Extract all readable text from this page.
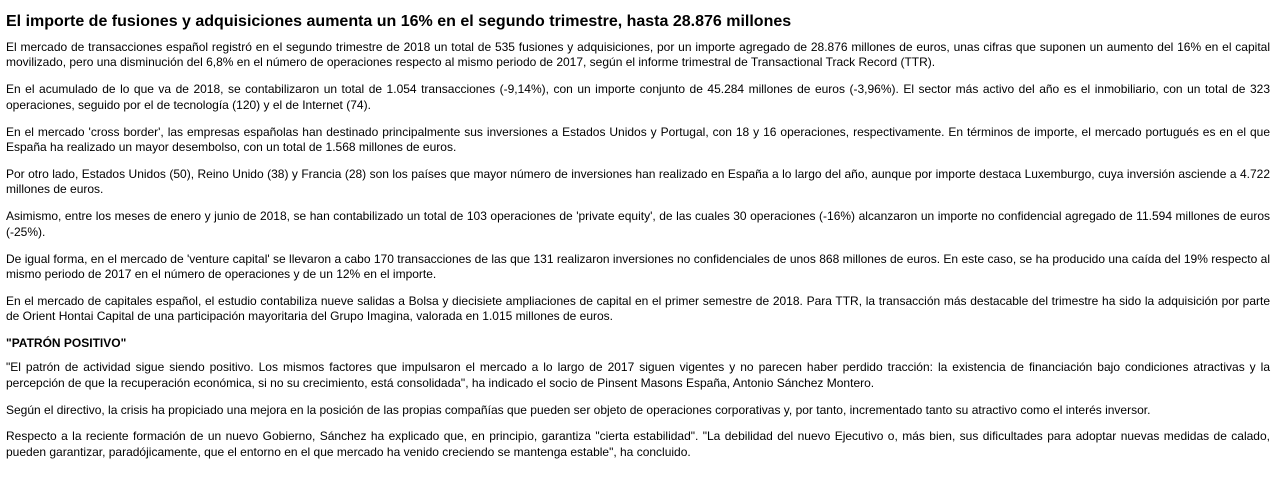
El importe de fusiones y adquisiciones aumenta un 16% en el segundo trimestre, hasta 28.876 millones

El mercado de transacciones español registró en el segundo trimestre de 2018 un total de 535 fusiones y adquisiciones, por un importe agregado de 28.876 millones de euros, unas cifras que suponen un aumento del 16% en el capital movilizado, pero una disminución del 6,8% en el número de operaciones respecto al mismo periodo de 2017, según el informe trimestral de Transactional Track Record (TTR).

En el acumulado de lo que va de 2018, se contabilizaron un total de 1.054 transacciones (-9,14%), con un importe conjunto de 45.284 millones de euros (-3,96%). El sector más activo del año es el inmobiliario, con un total de 323 operaciones, seguido por el de tecnología (120) y el de Internet (74).

En el mercado 'cross border', las empresas españolas han destinado principalmente sus inversiones a Estados Unidos y Portugal, con 18 y 16 operaciones, respectivamente. En términos de importe, el mercado portugués es en el que España ha realizado un mayor desembolso, con un total de 1.568 millones de euros.

Por otro lado, Estados Unidos (50), Reino Unido (38) y Francia (28) son los países que mayor número de inversiones han realizado en España a lo largo del año, aunque por importe destaca Luxemburgo, cuya inversión asciende a 4.722 millones de euros.

Asimismo, entre los meses de enero y junio de 2018, se han contabilizado un total de 103 operaciones de 'private equity', de las cuales 30 operaciones (-16%) alcanzaron un importe no confidencial agregado de 11.594 millones de euros (-25%).

De igual forma, en el mercado de 'venture capital' se llevaron a cabo 170 transacciones de las que 131 realizaron inversiones no confidenciales de unos 868 millones de euros. En este caso, se ha producido una caída del 19% respecto al mismo periodo de 2017 en el número de operaciones y de un 12% en el importe.

En el mercado de capitales español, el estudio contabiliza nueve salidas a Bolsa y diecisiete ampliaciones de capital en el primer semestre de 2018. Para TTR, la transacción más destacable del trimestre ha sido la adquisición por parte de Orient Hontai Capital de una participación mayoritaria del Grupo Imagina, valorada en 1.015 millones de euros.

"PATRÓN POSITIVO"

"El patrón de actividad sigue siendo positivo. Los mismos factores que impulsaron el mercado a lo largo de 2017 siguen vigentes y no parecen haber perdido tracción: la existencia de financiación bajo condiciones atractivas y la percepción de que la recuperación económica, si no su crecimiento, está consolidada", ha indicado el socio de Pinsent Masons España, Antonio Sánchez Montero.

Según el directivo, la crisis ha propiciado una mejora en la posición de las propias compañías que pueden ser objeto de operaciones corporativas y, por tanto, incrementado tanto su atractivo como el interés inversor.

Respecto a la reciente formación de un nuevo Gobierno, Sánchez ha explicado que, en principio, garantiza "cierta estabilidad". "La debilidad del nuevo Ejecutivo o, más bien, sus dificultades para adoptar nuevas medidas de calado, pueden garantizar, paradójicamente, que el entorno en el que mercado ha venido creciendo se mantenga estable", ha concluido.
